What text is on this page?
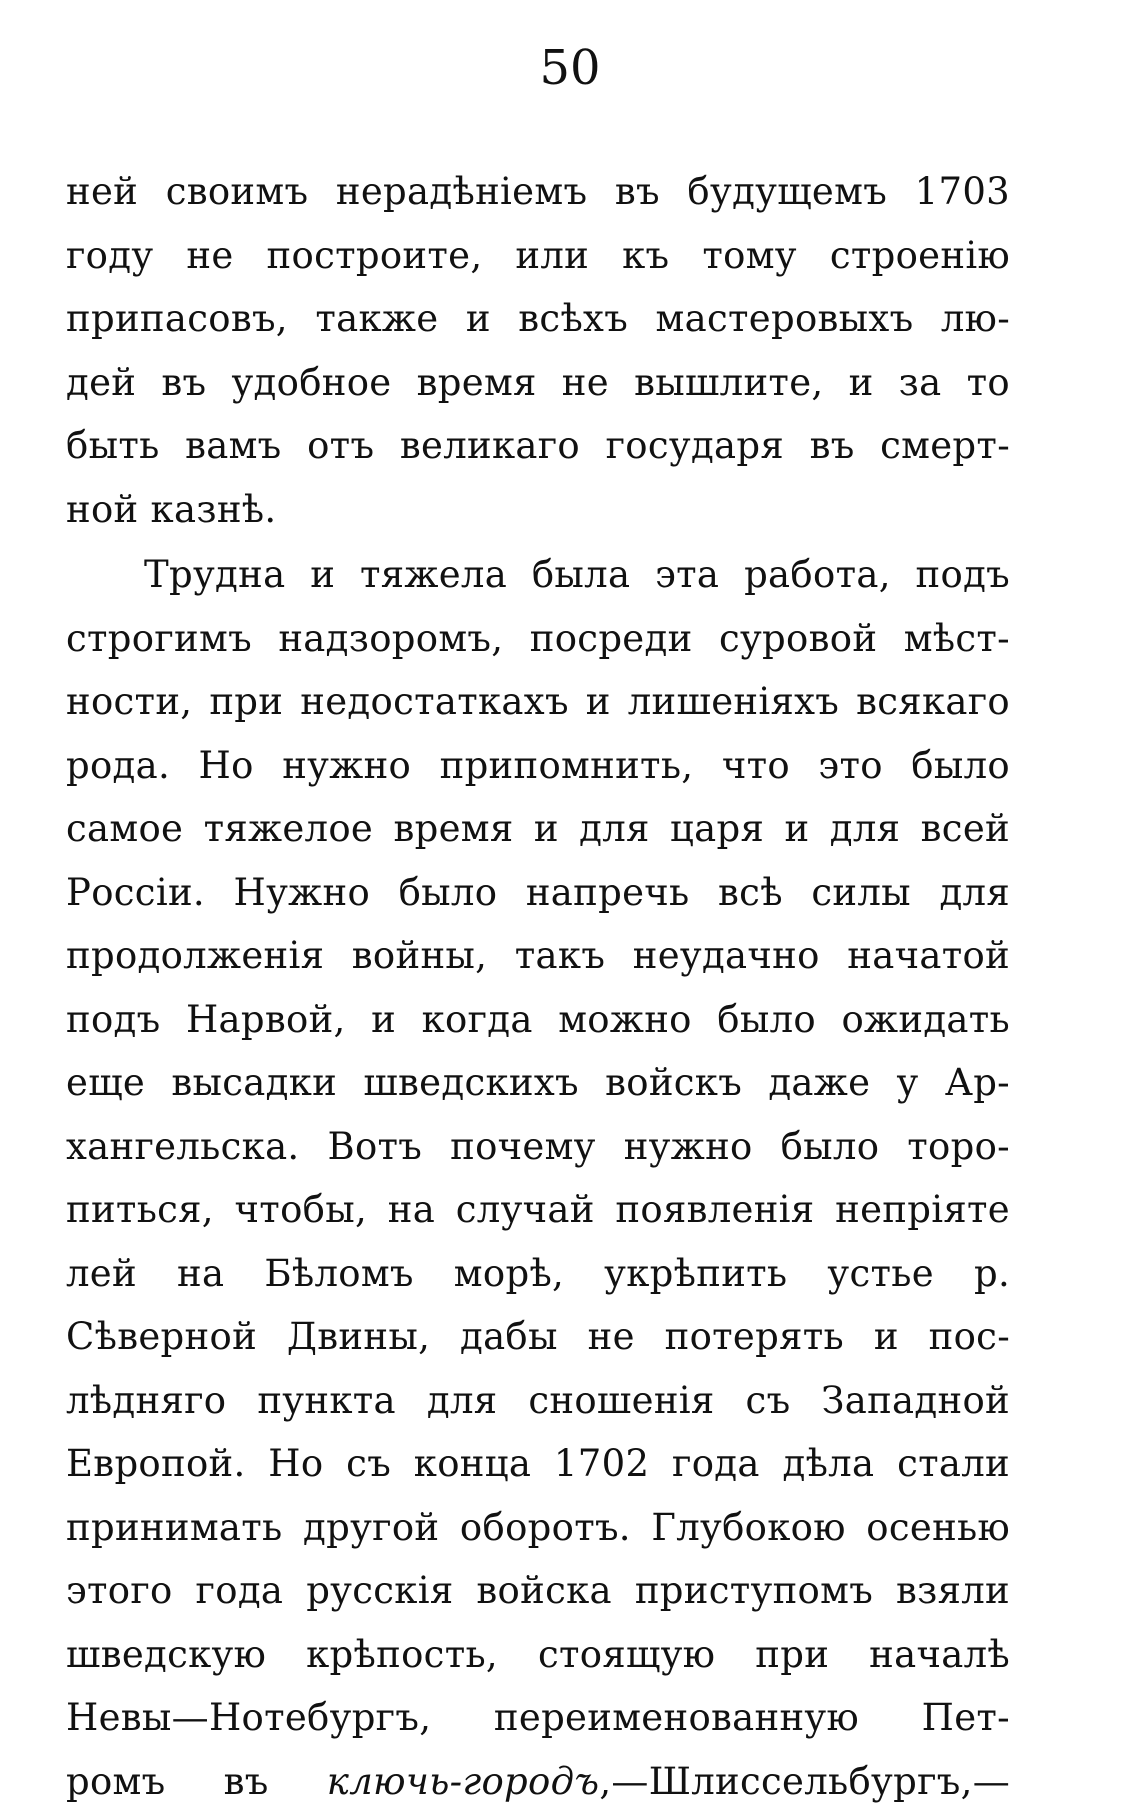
50
ней своимъ нерадѣніемъ въ будущемъ 1703
году не построите, или къ тому строенію
припасовъ, также и всѣхъ мастеровыхъ лю-
дей въ удобное время не вышлите, и за то
быть вамъ отъ великаго государя въ смерт-
ной казнѣ.
Трудна и тяжела была эта работа, подъ
строгимъ надзоромъ, посреди суровой мѣст-
ности, при недостаткахъ и лишеніяхъ всякаго
рода. Но нужно припомнить, что это было
самое тяжелое время и для царя и для всей
Россіи. Нужно было напречь всѣ силы для
продолженія войны, такъ неудачно начатой
подъ Нарвой, и когда можно было ожидать
еще высадки шведскихъ войскъ даже у Ар-
хангельска. Вотъ почему нужно было торо-
питься, чтобы, на случай появленія непріяте
лей на Бѣломъ морѣ, укрѣпить устье р.
Сѣверной Двины, дабы не потерять и пос-
лѣдняго пункта для сношенія съ Западной
Европой. Но съ конца 1702 года дѣла стали
принимать другой оборотъ. Глубокою осенью
этого года русскія войска приступомъ взяли
шведскую крѣпость, стоящую при началѣ
Невы—Нотебургъ, переименованную Пет-
ромъ въ ключь-городъ,—Шлиссельбургъ,—
